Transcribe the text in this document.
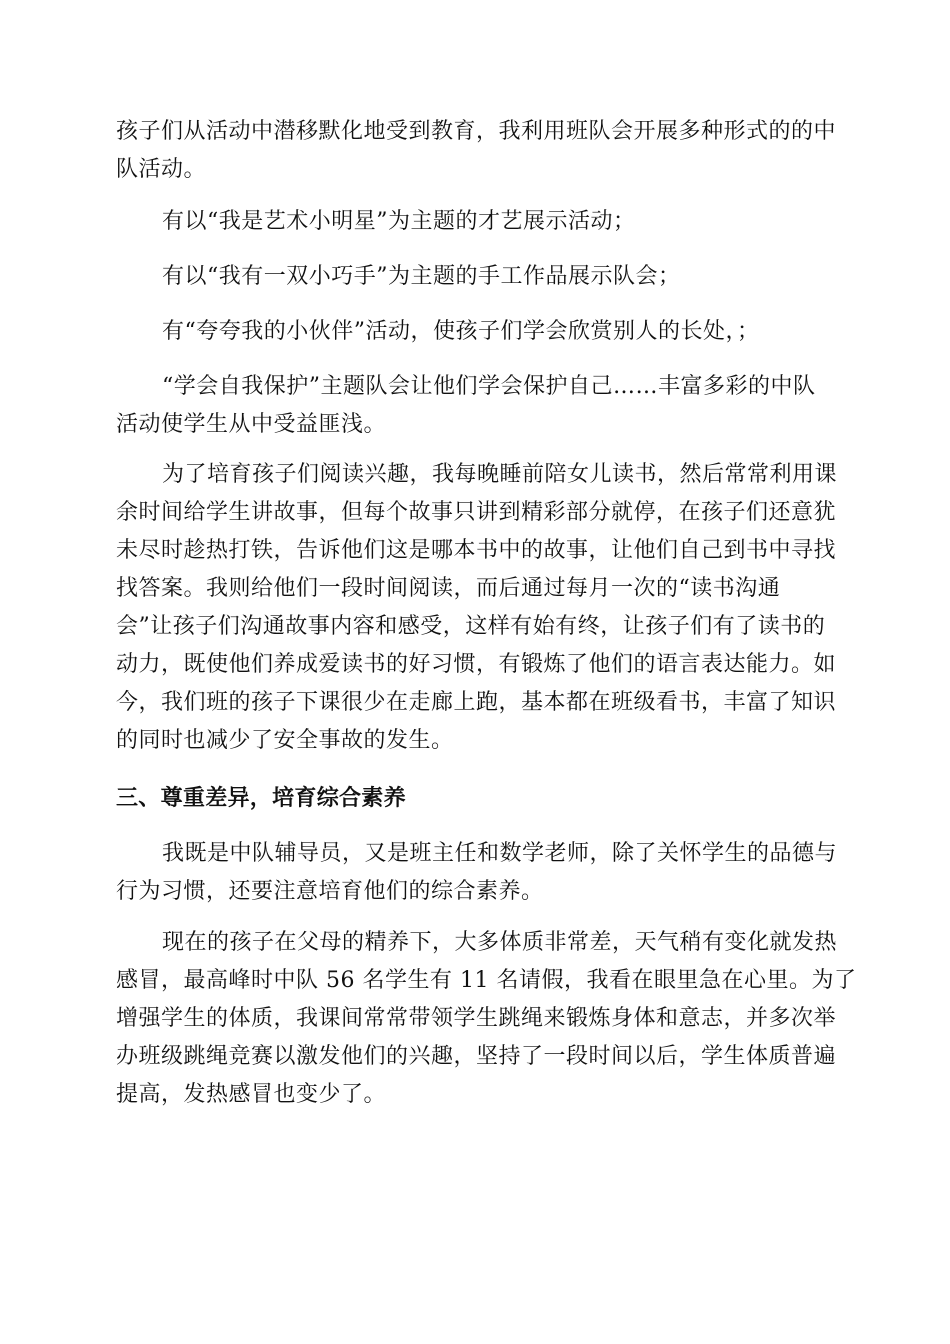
孩子们从活动中潜移默化地受到教育，我利用班队会开展多种形式的的中
队活动。

有以“我是艺术小明星”为主题的才艺展示活动；

有以“我有一双小巧手”为主题的手工作品展示队会；

有“夸夸我的小伙伴”活动，使孩子们学会欣赏别人的长处，；

“学会自我保护”主题队会让他们学会保护自己……丰富多彩的中队
活动使学生从中受益匪浅。

为了培育孩子们阅读兴趣，我每晚睡前陪女儿读书，然后常常利用课
余时间给学生讲故事，但每个故事只讲到精彩部分就停，在孩子们还意犹
未尽时趁热打铁，告诉他们这是哪本书中的故事，让他们自己到书中寻找
找答案。我则给他们一段时间阅读，而后通过每月一次的“读书沟通
会”让孩子们沟通故事内容和感受，这样有始有终，让孩子们有了读书的
动力，既使他们养成爱读书的好习惯，有锻炼了他们的语言表达能力。如
今，我们班的孩子下课很少在走廊上跑，基本都在班级看书，丰富了知识
的同时也减少了安全事故的发生。

三、尊重差异，培育综合素养

我既是中队辅导员，又是班主任和数学老师，除了关怀学生的品德与
行为习惯，还要注意培育他们的综合素养。

现在的孩子在父母的精养下，大多体质非常差，天气稍有变化就发热
感冒，最高峰时中队 56 名学生有 11 名请假，我看在眼里急在心里。为了
增强学生的体质，我课间常常带领学生跳绳来锻炼身体和意志，并多次举
办班级跳绳竞赛以激发他们的兴趣，坚持了一段时间以后，学生体质普遍
提高，发热感冒也变少了。
